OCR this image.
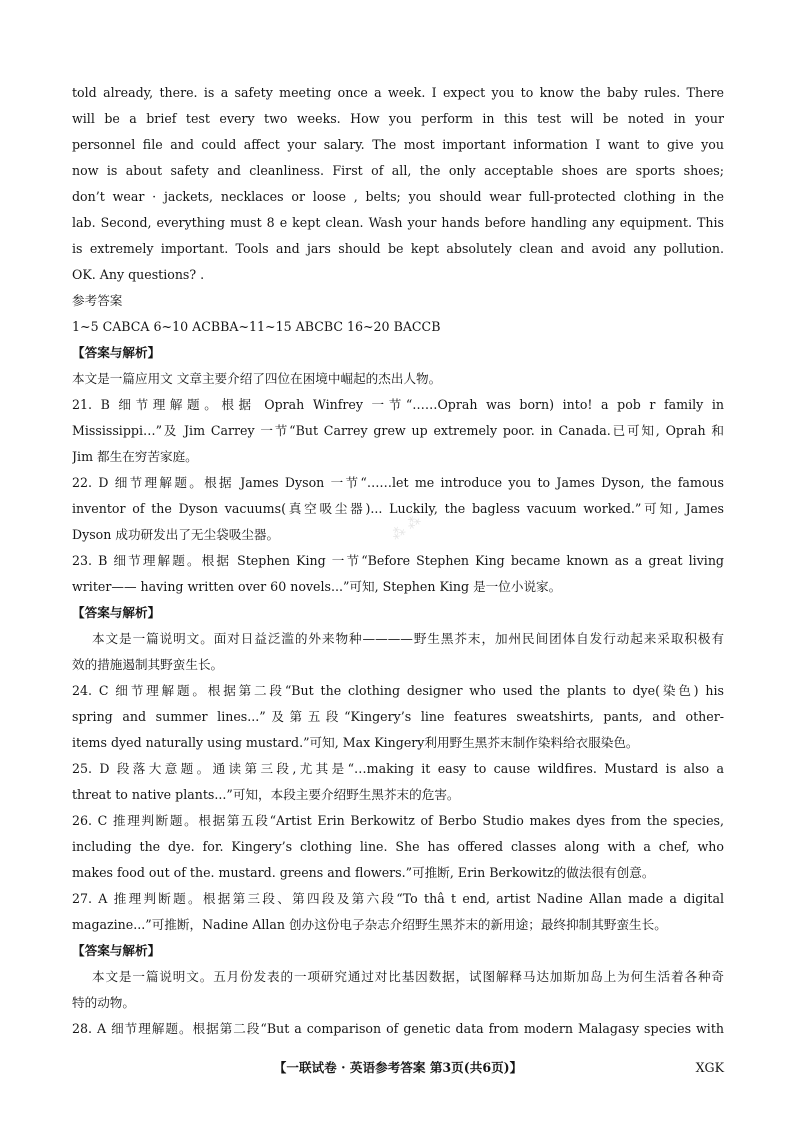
told already, there. is a safety meeting once a week. I expect you to know the baby rules. There
will be a brief test every two weeks. How you perform in this test will be noted in your
personnel file and could affect your salary. The most important information I want to give you
now is about safety and cleanliness. First of all, the only acceptable shoes are sports shoes;
don’t wear · jackets, necklaces or loose , belts; you should wear full-protected clothing in the
lab. Second, everything must 8 e kept clean. Wash your hands before handling any equipment. This
is extremely important. Tools and jars should be kept absolutely clean and avoid any pollution.
OK. Any questions? .
参考答案
1~5 CABCA 6~10 ACBBA~11~15 ABCBC 16~20 BACCB
【答案与解析】
本文是一篇应用文 文章主要介绍了四位在困境中崛起的杰出人物。
21. B 细节理解题。根据 Oprah Winfrey 一节“……Oprah was born) into! a pob r family in
Mississippi…”及 Jim Carrey 一节“But Carrey grew up extremely poor. in Canada.已可知, Oprah 和
Jim 都生在穷苦家庭。
22. D 细节理解题。根据 James Dyson 一节“……let me introduce you to James Dyson, the famous
inventor of the Dyson vacuums(真空吸尘器)... Luckily, the bagless vacuum worked.”可知, James
Dyson 成功研发出了无尘袋吸尘器。
23. B 细节理解题。根据 Stephen King 一节“Before Stephen King became known as a great living
writer—— having written over 60 novels...”可知, Stephen King 是一位小说家。
【答案与解析】
本文是一篇说明文。面对日益泛滥的外来物种————野生黑芥末，加州民间团体自发行动起来采取积极有
效的措施遏制其野蛮生长。
24. C 细节理解题。根据第二段“But the clothing designer who used the plants to dye(染色) his
spring and summer lines...”及第五段“Kingery’s line features sweatshirts, pants, and other-
items dyed naturally using mustard.”可知, Max Kingery利用野生黑芥末制作染料给衣服染色。
25. D 段落大意题。通读第三段,尤其是“…making it easy to cause wildfires. Mustard is also a
threat to native plants...”可知，本段主要介绍野生黑芥末的危害。
26. C 推理判断题。根据第五段“Artist Erin Berkowitz of Berbo Studio makes dyes from the species,
including the dye. for. Kingery’s clothing line. She has offered classes along with a chef, who
makes food out of the. mustard. greens and flowers.”可推断, Erin Berkowitz的做法很有创意。
27. A 推理判断题。根据第三段、第四段及第六段“To thâ t end, artist Nadine Allan made a digital
magazine...”可推断，Nadine Allan 创办这份电子杂志介绍野生黑芥末的新用途；最终抑制其野蛮生长。
【答案与解析】
本文是一篇说明文。五月份发表的一项研究通过对比基因数据，试图解释马达加斯加岛上为何生活着各种奇
特的动物。
28. A 细节理解题。根据第二段“But a comparison of genetic data from modern Malagasy species with
⁂ ⁂
【一联试卷 · 英语参考答案 第3页(共6页)】	XGK
